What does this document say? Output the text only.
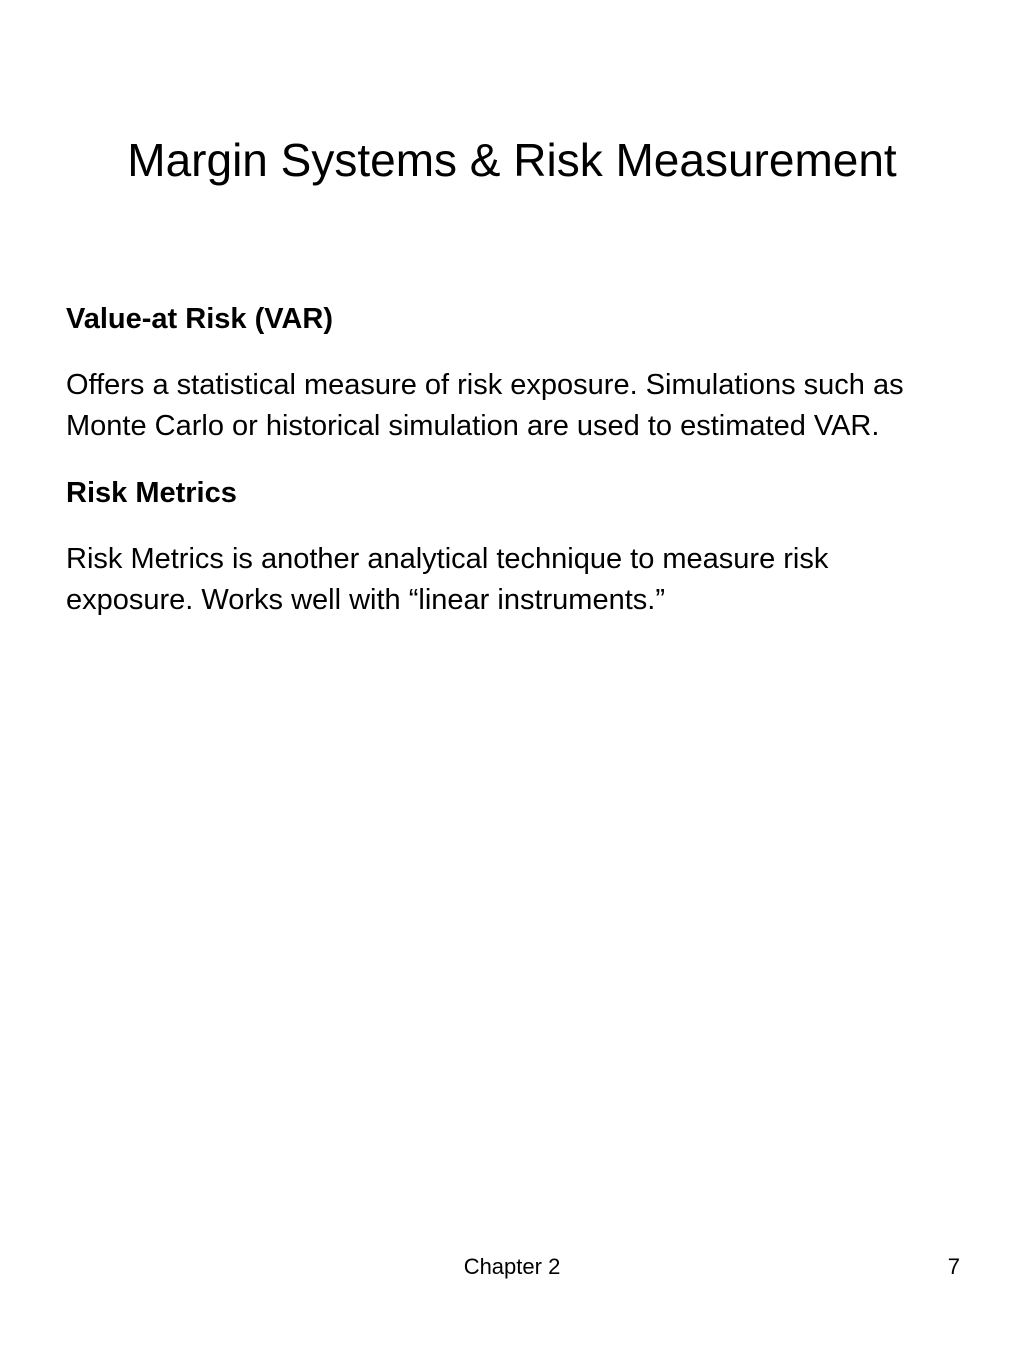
Margin Systems & Risk Measurement

Value-at Risk (VAR)

Offers a statistical measure of risk exposure. Simulations such as Monte Carlo or historical simulation are used to estimated VAR.

Risk Metrics

Risk Metrics is another analytical technique to measure risk exposure. Works well with “linear instruments.”

Chapter 2	7
